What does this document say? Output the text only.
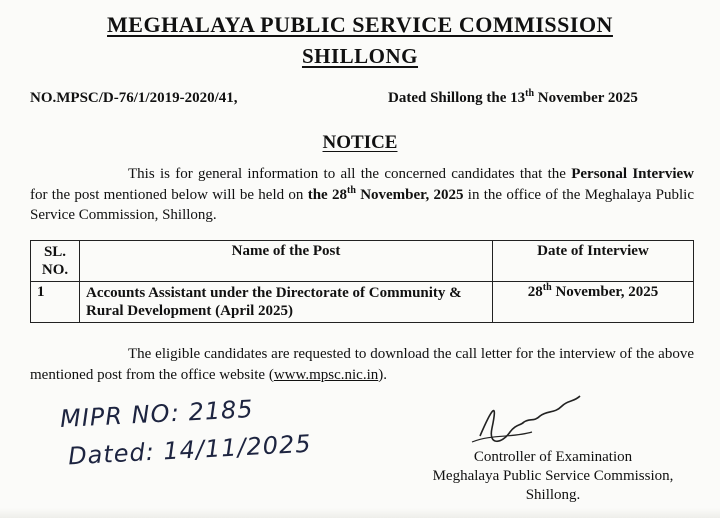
MEGHALAYA PUBLIC SERVICE COMMISSION
SHILLONG
NO.MPSC/D-76/1/2019-2020/41,	Dated Shillong the 13th November 2025
NOTICE
This is for general information to all the concerned candidates that the Personal Interview for the post mentioned below will be held on the 28th November, 2025 in the office of the Meghalaya Public Service Commission, Shillong.
SL. NO.	Name of the Post	Date of Interview
1	Accounts Assistant under the Directorate of Community & Rural Development (April 2025)	28th November, 2025
The eligible candidates are requested to download the call letter for the interview of the above mentioned post from the office website (www.mpsc.nic.in).
MIPR NO: 2185
Dated: 14/11/2025	Controller of Examination
Meghalaya Public Service Commission,
Shillong.
